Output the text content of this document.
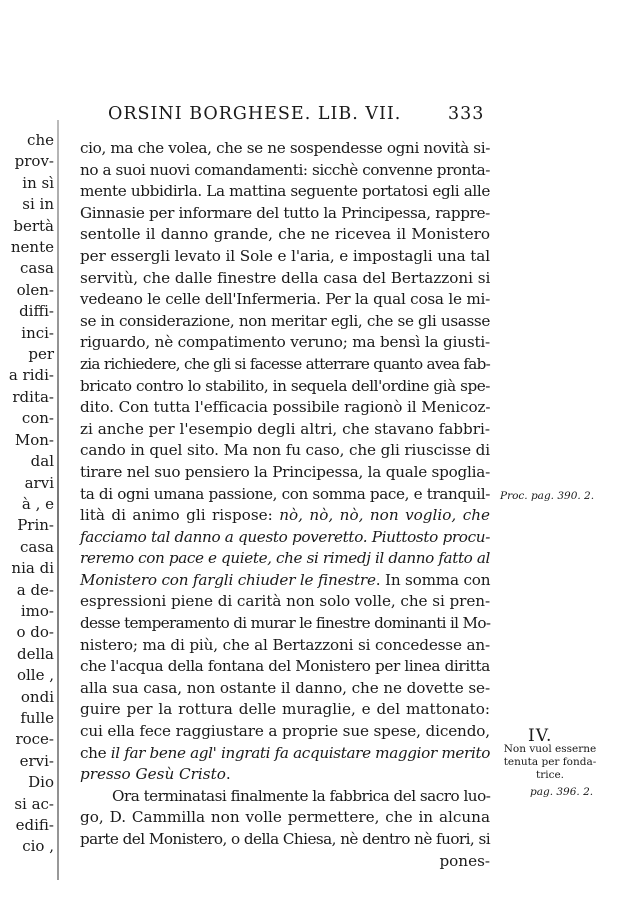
che
prov-
in sì
si in
bertà
nente
casa
olen-
diffi-
inci-
per
a ridi-
rdita-
con-
Mon-
dal
arvi
à , e
Prin-
casa
nia di
a de-
imo-
o do-
della
olle ,
ondi
fulle
roce-
ervi-
Dio
si ac-
edifi-
cio ,
ORSINI BORGHESE. LIB. VII.	333
cio, ma che volea, che se ne sospendesse ogni novità si-
no a suoi nuovi comandamenti: sicchè convenne pronta-
mente ubbidirla. La mattina seguente portatosi egli alle
Ginnasie per informare del tutto la Principessa, rappre-
sentolle il danno grande, che ne ricevea il Monistero
per essergli levato il Sole e l'aria, e impostagli una tal
servitù, che dalle finestre della casa del Bertazzoni si
vedeano le celle dell'Infermeria. Per la qual cosa le mi-
se in considerazione, non meritar egli, che se gli usasse
riguardo, nè compatimento veruno; ma bensì la giusti-
zia richiedere, che gli si facesse atterrare quanto avea fab-
bricato contro lo stabilito, in sequela dell'ordine già spe-
dito. Con tutta l'efficacia possibile ragionò il Menicoz-
zi anche per l'esempio degli altri, che stavano fabbri-
cando in quel sito. Ma non fu caso, che gli riuscisse di
tirare nel suo pensiero la Principessa, la quale spoglia-
ta di ogni umana passione, con somma pace, e tranquil-
lità di animo gli rispose: nò, nò, nò, non voglio, che
facciamo tal danno a questo poveretto. Piuttosto procu-
reremo con pace e quiete, che si rimedj il danno fatto al
Monistero con fargli chiuder le finestre. In somma con
espressioni piene di carità non solo volle, che si pren-
desse temperamento di murar le finestre dominanti il Mo-
nistero; ma di più, che al Bertazzoni si concedesse an-
che l'acqua della fontana del Monistero per linea diritta
alla sua casa, non ostante il danno, che ne dovette se-
guire per la rottura delle muraglie, e del mattonato:
cui ella fece raggiustare a proprie sue spese, dicendo,
che il far bene agl' ingrati fa acquistare maggior merito
presso Gesù Cristo.
Ora terminatasi finalmente la fabbrica del sacro luo-
go, D. Cammilla non volle permettere, che in alcuna
parte del Monistero, o della Chiesa, nè dentro nè fuori, si
pones-
Proc. pag. 390. 2.
IV.
Non vuol esserne
tenuta per fonda-
trice.
pag. 396. 2.
